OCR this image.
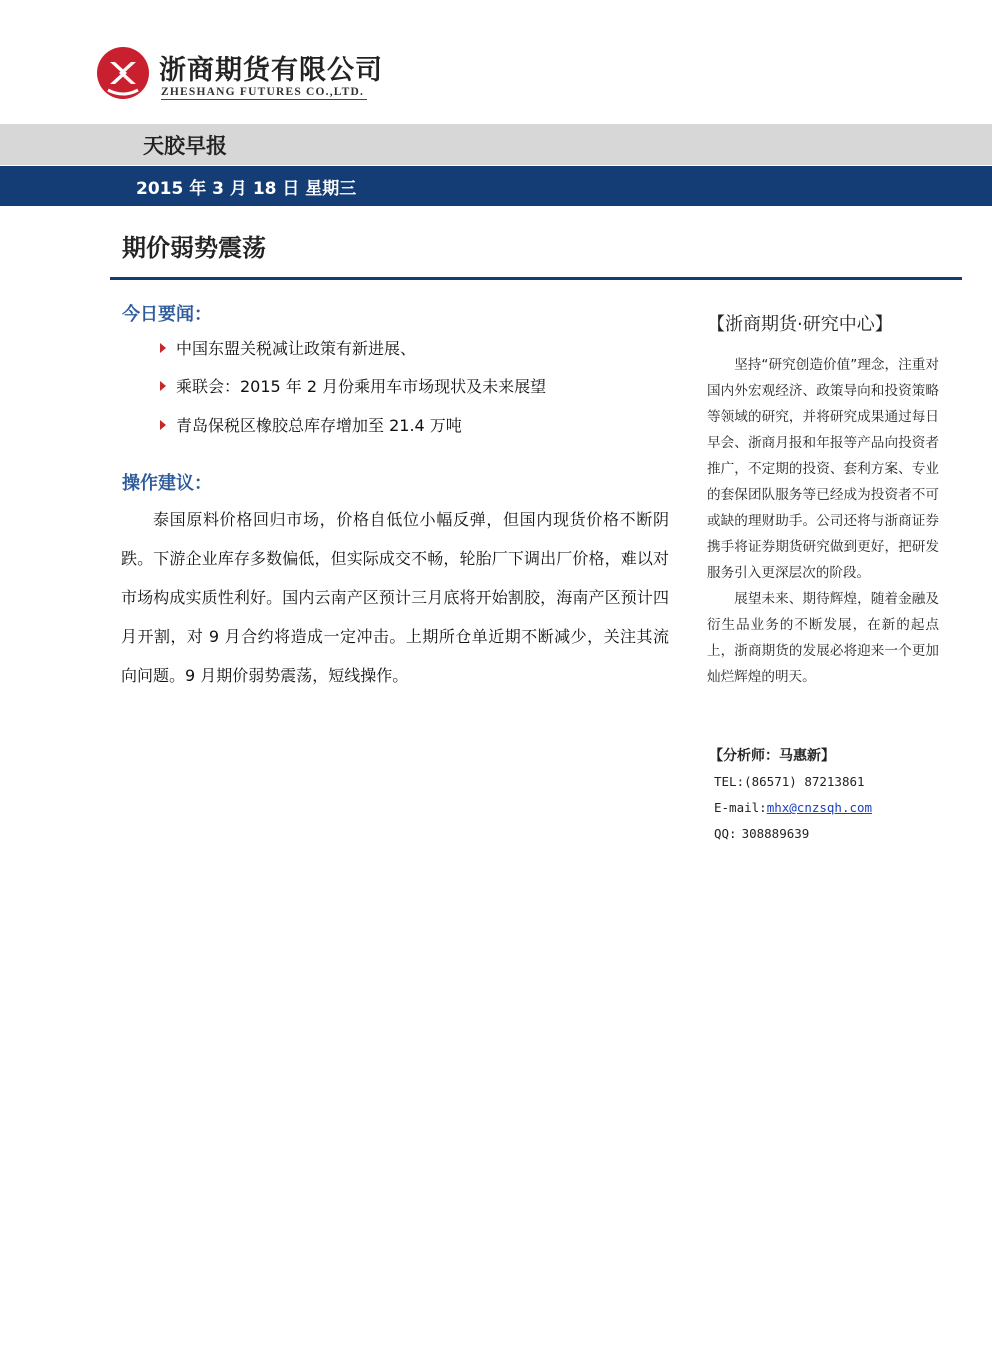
浙商期货有限公司
ZHESHANG FUTURES CO.,LTD.
天胶早报
2015 年 3 月 18 日 星期三
期价弱势震荡
今日要闻：
中国东盟关税减让政策有新进展、
乘联会：2015 年 2 月份乘用车市场现状及未来展望
青岛保税区橡胶总库存增加至 21.4 万吨
操作建议：

泰国原料价格回归市场，价格自低位小幅反弹，但国内现货价格不断阴跌。下游企业库存多数偏低，但实际成交不畅，轮胎厂下调出厂价格，难以对市场构成实质性利好。国内云南产区预计三月底将开始割胶，海南产区预计四月开割，对 9 月合约将造成一定冲击。上期所仓单近期不断减少，关注其流向问题。9 月期价弱势震荡，短线操作。

【浙商期货·研究中心】

坚持“研究创造价值”理念，注重对国内外宏观经济、政策导向和投资策略等领域的研究，并将研究成果通过每日早会、浙商月报和年报等产品向投资者推广，不定期的投资、套利方案、专业的套保团队服务等已经成为投资者不可或缺的理财助手。公司还将与浙商证券携手将证券期货研究做到更好，把研发服务引入更深层次的阶段。

展望未来、期待辉煌，随着金融及衍生品业务的不断发展，在新的起点上，浙商期货的发展必将迎来一个更加灿烂辉煌的明天。

【分析师：马惠新】
TEL:(86571) 87213861
E-mail:mhx@cnzsqh.com
QQ: 308889639
